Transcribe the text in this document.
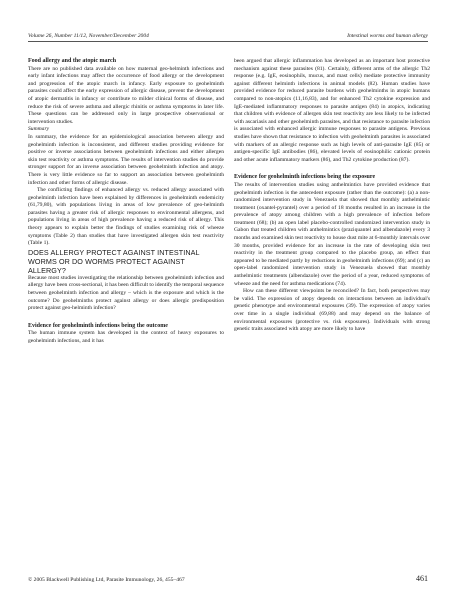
Volume 26, Number 11/12, November/December 2004	Intestinal worms and human allergy

Food allergy and the atopic march

There are no published data available on how maternal geo-helminth infections and early infant infections may affect the occurrence of food allergy or the development and progression of the atopic march in infancy. Early exposure to geohelminth parasites could affect the early expression of allergic disease, prevent the development of atopic dermatitis in infancy or contribute to milder clinical forms of disease, and reduce the risk of severe asthma and allergic rhinitis or asthma symptoms in later life. These questions can be addressed only in large prospective observational or intervention studies.

Summary

In summary, the evidence for an epidemiological association between allergy and geohelminth infection is inconsistent, and different studies providing evidence for positive or inverse associations between geohelminth infections and either allergen skin test reactivity or asthma symptoms. The results of intervention studies do provide stronger support for an inverse association between geohelminth infection and atopy. There is very little evidence so far to support an association between geohelminth infection and other forms of allergic disease.

The conflicting findings of enhanced allergy vs. reduced allergy associated with geohelminth infection have been explained by differences in geohelminth endemicity (61,79,80), with populations living in areas of low prevalence of geo-helminth parasites having a greater risk of allergic responses to environmental allergens, and populations living in areas of high prevalence having a reduced risk of allergy. This theory appears to explain better the findings of studies examining risk of wheeze symptoms (Table 2) than studies that have investigated allergen skin test reactivity (Table 1).

DOES ALLERGY PROTECT AGAINST INTESTINAL WORMS OR DO WORMS PROTECT AGAINST ALLERGY?

Because most studies investigating the relationship between geohelminth infection and allergy have been cross-sectional, it has been difficult to identify the temporal sequence between geohelminth infection and allergy – which is the exposure and which is the outcome? Do geohelminths protect against allergy or does allergic predisposition protect against geo-helminth infection?

Evidence for geohelminth infections being the outcome

The human immune system has developed in the context of heavy exposures to geohelminth infections, and it has

been argued that allergic inflammation has developed as an important host protective mechanism against these parasites (81). Certainly, different arms of the allergic Th2 response (e.g. IgE, eosinophils, mucus, and mast cells) mediate protective immunity against different helminth infections in animal models (82). Human studies have provided evidence for reduced parasite burdens with geohelminths in atopic humans compared to non-atopics (11,16,83), and for enhanced Th2 cytokine expression and IgE-mediated inflammatory responses to parasite antigen (84) in atopics, indicating that children with evidence of allergen skin test reactivity are less likely to be infected with ascariasis and other geohelminth parasites, and that resistance to parasite infection is associated with enhanced allergic immune responses to parasite antigens. Previous studies have shown that resistance to infection with geohelminth parasites is associated with markers of an allergic response such as high levels of anti-parasite IgE (85) or antigen-specific IgE antibodies (86), elevated levels of eosinophilic cationic protein and other acute inflammatory markers (86), and Th2 cytokine production (87).

Evidence for geohelminth infections being the exposure

The results of intervention studies using anthelmintics have provided evidence that geohelminth infection is the antecedent exposure (rather than the outcome): (a) a non-randomized intervention study in Venezuela that showed that monthly anthelmintic treatment (oxantel-pyrantel) over a period of 18 months resulted in an increase in the prevalence of atopy among children with a high prevalence of infection before treatment (68); (b) an open label placebo-controlled randomized intervention study in Gabon that treated children with anthelmintics (praziquantel and albendazole) every 3 months and examined skin test reactivity to house dust mite at 6-monthly intervals over 30 months, provided evidence for an increase in the rate of developing skin test reactivity in the treatment group compared to the placebo group, an effect that appeared to be mediated partly by reductions in geohelminth infections (69); and (c) an open-label randomized intervention study in Venezuela showed that monthly anthelmintic treatments (albendazole) over the period of a year, reduced symptoms of wheeze and the need for asthma medications (74).

How can these different viewpoints be reconciled? In fact, both perspectives may be valid. The expression of atopy depends on interactions between an individual's genetic phenotype and environmental exposures (39). The expression of atopy varies over time in a single individual (69,88) and may depend on the balance of environmental exposures (protective vs. risk exposures). Individuals with strong genetic traits associated with atopy are more likely to have

© 2005 Blackwell Publishing Ltd, Parasite Immunology, 26, 455–467	461
